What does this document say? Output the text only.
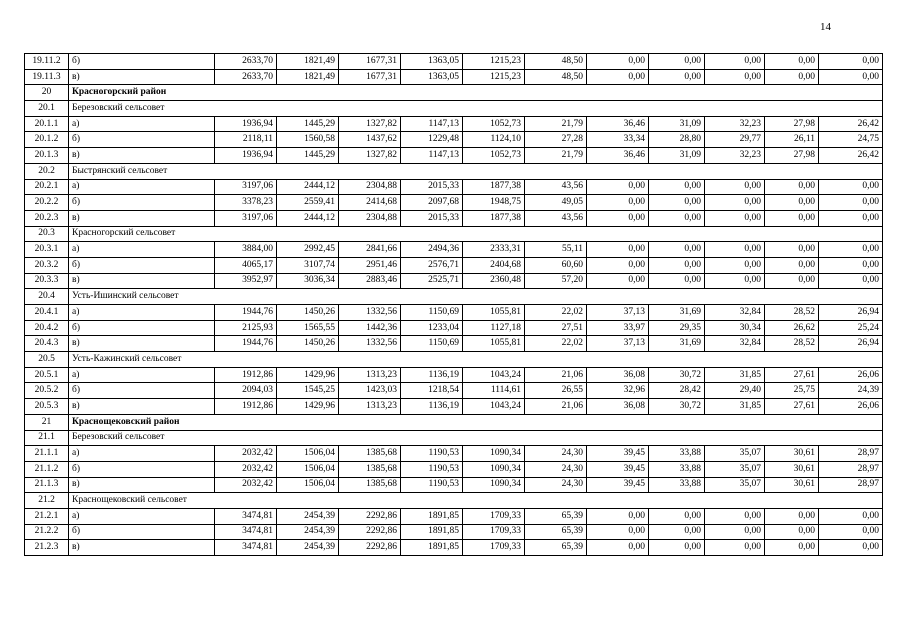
14
19.11.2	б)	2633,70	1821,49	1677,31	1363,05	1215,23	48,50	0,00	0,00	0,00	0,00	0,00
19.11.3	в)	2633,70	1821,49	1677,31	1363,05	1215,23	48,50	0,00	0,00	0,00	0,00	0,00
20	Красногорский район											
20.1	Березовский сельсовет											
20.1.1	а)	1936,94	1445,29	1327,82	1147,13	1052,73	21,79	36,46	31,09	32,23	27,98	26,42
20.1.2	б)	2118,11	1560,58	1437,62	1229,48	1124,10	27,28	33,34	28,80	29,77	26,11	24,75
20.1.3	в)	1936,94	1445,29	1327,82	1147,13	1052,73	21,79	36,46	31,09	32,23	27,98	26,42
20.2	Быстрянский сельсовет											
20.2.1	а)	3197,06	2444,12	2304,88	2015,33	1877,38	43,56	0,00	0,00	0,00	0,00	0,00
20.2.2	б)	3378,23	2559,41	2414,68	2097,68	1948,75	49,05	0,00	0,00	0,00	0,00	0,00
20.2.3	в)	3197,06	2444,12	2304,88	2015,33	1877,38	43,56	0,00	0,00	0,00	0,00	0,00
20.3	Красногорский сельсовет											
20.3.1	а)	3884,00	2992,45	2841,66	2494,36	2333,31	55,11	0,00	0,00	0,00	0,00	0,00
20.3.2	б)	4065,17	3107,74	2951,46	2576,71	2404,68	60,60	0,00	0,00	0,00	0,00	0,00
20.3.3	в)	3952,97	3036,34	2883,46	2525,71	2360,48	57,20	0,00	0,00	0,00	0,00	0,00
20.4	Усть-Ишинский сельсовет											
20.4.1	а)	1944,76	1450,26	1332,56	1150,69	1055,81	22,02	37,13	31,69	32,84	28,52	26,94
20.4.2	б)	2125,93	1565,55	1442,36	1233,04	1127,18	27,51	33,97	29,35	30,34	26,62	25,24
20.4.3	в)	1944,76	1450,26	1332,56	1150,69	1055,81	22,02	37,13	31,69	32,84	28,52	26,94
20.5	Усть-Кажинский сельсовет											
20.5.1	а)	1912,86	1429,96	1313,23	1136,19	1043,24	21,06	36,08	30,72	31,85	27,61	26,06
20.5.2	б)	2094,03	1545,25	1423,03	1218,54	1114,61	26,55	32,96	28,42	29,40	25,75	24,39
20.5.3	в)	1912,86	1429,96	1313,23	1136,19	1043,24	21,06	36,08	30,72	31,85	27,61	26,06
21	Краснощековский район											
21.1	Березовский сельсовет											
21.1.1	а)	2032,42	1506,04	1385,68	1190,53	1090,34	24,30	39,45	33,88	35,07	30,61	28,97
21.1.2	б)	2032,42	1506,04	1385,68	1190,53	1090,34	24,30	39,45	33,88	35,07	30,61	28,97
21.1.3	в)	2032,42	1506,04	1385,68	1190,53	1090,34	24,30	39,45	33,88	35,07	30,61	28,97
21.2	Краснощековский сельсовет											
21.2.1	а)	3474,81	2454,39	2292,86	1891,85	1709,33	65,39	0,00	0,00	0,00	0,00	0,00
21.2.2	б)	3474,81	2454,39	2292,86	1891,85	1709,33	65,39	0,00	0,00	0,00	0,00	0,00
21.2.3	в)	3474,81	2454,39	2292,86	1891,85	1709,33	65,39	0,00	0,00	0,00	0,00	0,00
